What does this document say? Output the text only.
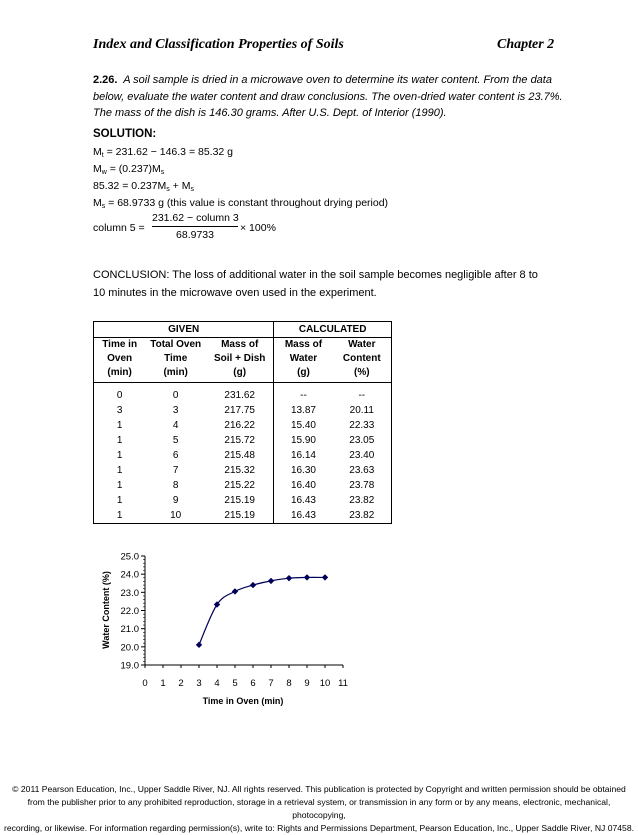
Index and Classification Properties of Soils	Chapter 2
2.26. A soil sample is dried in a microwave oven to determine its water content. From the data below, evaluate the water content and draw conclusions. The oven-dried water content is 23.7%. The mass of the dish is 146.30 grams. After U.S. Dept. of Interior (1990).
SOLUTION:
$M_t = 231.62 - 146.3 = 85.32$ g
$M_w = (0.237)M_s$
$85.32 = 0.237M_s + M_s$
$M_s = 68.9733$ g (this value is constant throughout drying period)
column 5 =
231.62 − column 3
68.9733
× 100%
CONCLUSION: The loss of additional water in the soil sample becomes negligible after 8 to 10 minutes in the microwave oven used in the experiment.
GIVEN			CALCULATED	
Time in	Total Oven	Mass of	Mass of	Water
Oven	Time	Soil + Dish	Water	Content
(min)	(min)	(g)	(g)	(%)
0	0	231.62	--	--
3	3	217.75	13.87	20.11
1	4	216.22	15.40	22.33
1	5	215.72	15.90	23.05
1	6	215.48	16.14	23.40
1	7	215.32	16.30	23.63
1	8	215.22	16.40	23.78
1	9	215.19	16.43	23.82
1	10	215.19	16.43	23.82
19.0
20.0
21.0
22.0
23.0
24.0
25.0
0 1 2 3 4 5 6 7 8 9 10 11
Water Content (%)
Time in Oven (min)
© 2011 Pearson Education, Inc., Upper Saddle River, NJ. All rights reserved. This publication is protected by Copyright and written permission should be obtained
from the publisher prior to any prohibited reproduction, storage in a retrieval system, or transmission in any form or by any means, electronic, mechanical, photocopying,
recording, or likewise. For information regarding permission(s), write to: Rights and Permissions Department, Pearson Education, Inc., Upper Saddle River, NJ 07458.
